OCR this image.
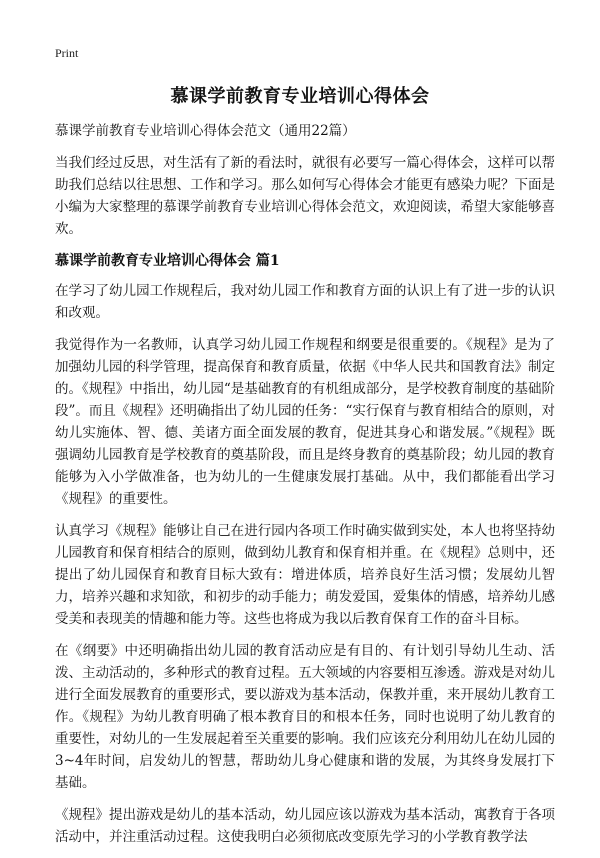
Print
慕课学前教育专业培训心得体会

慕课学前教育专业培训心得体会范文（通用22篇）

当我们经过反思，对生活有了新的看法时，就很有必要写一篇心得体会，这样可以帮助我们总结以往思想、工作和学习。那么如何写心得体会才能更有感染力呢？下面是小编为大家整理的慕课学前教育专业培训心得体会范文，欢迎阅读，希望大家能够喜欢。

慕课学前教育专业培训心得体会 篇1

在学习了幼儿园工作规程后，我对幼儿园工作和教育方面的认识上有了进一步的认识和改观。

我觉得作为一名教师，认真学习幼儿园工作规程和纲要是很重要的。《规程》是为了加强幼儿园的科学管理，提高保育和教育质量，依据《中华人民共和国教育法》制定的。《规程》中指出，幼儿园“是基础教育的有机组成部分，是学校教育制度的基础阶段”。而且《规程》还明确指出了幼儿园的任务：“实行保育与教育相结合的原则，对幼儿实施体、智、德、美诸方面全面发展的教育，促进其身心和谐发展。”《规程》既强调幼儿园教育是学校教育的奠基阶段，而且是终身教育的奠基阶段；幼儿园的教育能够为入小学做准备，也为幼儿的一生健康发展打基础。从中，我们都能看出学习《规程》的重要性。

认真学习《规程》能够让自己在进行园内各项工作时确实做到实处，本人也将坚持幼儿园教育和保育相结合的原则，做到幼儿教育和保育相并重。在《规程》总则中，还提出了幼儿园保育和教育目标大致有：增进体质，培养良好生活习惯；发展幼儿智力，培养兴趣和求知欲，和初步的动手能力；萌发爱国，爱集体的情感，培养幼儿感受美和表现美的情趣和能力等。这些也将成为我以后教育保育工作的奋斗目标。

在《纲要》中还明确指出幼儿园的教育活动应是有目的、有计划引导幼儿生动、活泼、主动活动的，多种形式的教育过程。五大领域的内容要相互渗透。游戏是对幼儿进行全面发展教育的重要形式，要以游戏为基本活动，保教并重，来开展幼儿教育工作。《规程》为幼儿教育明确了根本教育目的和根本任务，同时也说明了幼儿教育的重要性，对幼儿的一生发展起着至关重要的影响。我们应该充分利用幼儿在幼儿园的3~4年时间，启发幼儿的智慧，帮助幼儿身心健康和谐的发展，为其终身发展打下基础。

《规程》提出游戏是幼儿的基本活动，幼儿园应该以游戏为基本活动，寓教育于各项活动中，并注重活动过程。这使我明白必须彻底改变原先学习的小学教育教学法
